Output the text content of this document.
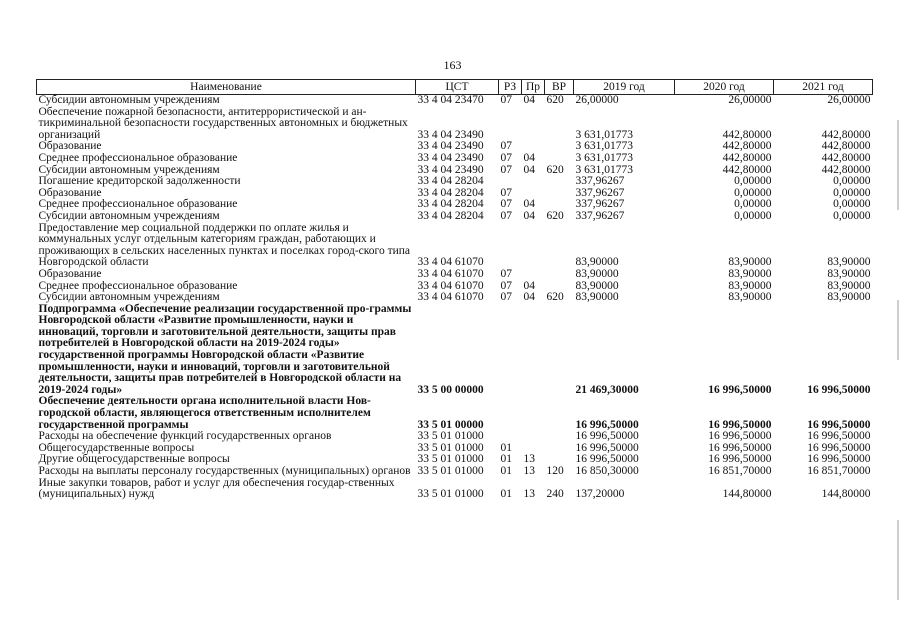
163
Наименование	ЦСТ	РЗ	Пр	ВР	2019 год	2020 год	2021 год
Субсидии автономным учреждениям	33 4 04 23470	07	04	620	26,00000	26,00000	26,00000
Обеспечение пожарной безопасности, антитеррористической и ан-тикриминальной безопасности государственных автономных и бюджетных организаций	33 4 04 23490				3 631,01773	442,80000	442,80000
Образование	33 4 04 23490	07			3 631,01773	442,80000	442,80000
Среднее профессиональное образование	33 4 04 23490	07	04		3 631,01773	442,80000	442,80000
Субсидии автономным учреждениям	33 4 04 23490	07	04	620	3 631,01773	442,80000	442,80000
Погашение кредиторской задолженности	33 4 04 28204				337,96267	0,00000	0,00000
Образование	33 4 04 28204	07			337,96267	0,00000	0,00000
Среднее профессиональное образование	33 4 04 28204	07	04		337,96267	0,00000	0,00000
Субсидии автономным учреждениям	33 4 04 28204	07	04	620	337,96267	0,00000	0,00000
Предоставление мер социальной поддержки по оплате жилья и коммунальных услуг отдельным категориям граждан, работающих и проживающих в сельских населенных пунктах и поселках город-ского типа Новгородской области	33 4 04 61070				83,90000	83,90000	83,90000
Образование	33 4 04 61070	07			83,90000	83,90000	83,90000
Среднее профессиональное образование	33 4 04 61070	07	04		83,90000	83,90000	83,90000
Субсидии автономным учреждениям	33 4 04 61070	07	04	620	83,90000	83,90000	83,90000
Подпрограмма «Обеспечение реализации государственной про-граммы Новгородской области «Развитие промышленности, науки и инноваций, торговли и заготовительной деятельности, защиты прав потребителей в Новгородской области на 2019-2024 годы» государственной программы Новгородской области «Развитие промышленности, науки и инноваций, торговли и заготовительной деятельности, защиты прав потребителей в Новгородской области на 2019-2024 годы»	33 5 00 00000				21 469,30000	16 996,50000	16 996,50000
Обеспечение деятельности органа исполнительной власти Нов-городской области, являющегося ответственным исполнителем государственной программы	33 5 01 00000				16 996,50000	16 996,50000	16 996,50000
Расходы на обеспечение функций государственных органов	33 5 01 01000				16 996,50000	16 996,50000	16 996,50000
Общегосударственные вопросы	33 5 01 01000	01			16 996,50000	16 996,50000	16 996,50000
Другие общегосударственные вопросы	33 5 01 01000	01	13		16 996,50000	16 996,50000	16 996,50000
Расходы на выплаты персоналу государственных (муниципальных) органов	33 5 01 01000	01	13	120	16 850,30000	16 851,70000	16 851,70000
Иные закупки товаров, работ и услуг для обеспечения государ-ственных (муниципальных) нужд	33 5 01 01000	01	13	240	137,20000	144,80000	144,80000
